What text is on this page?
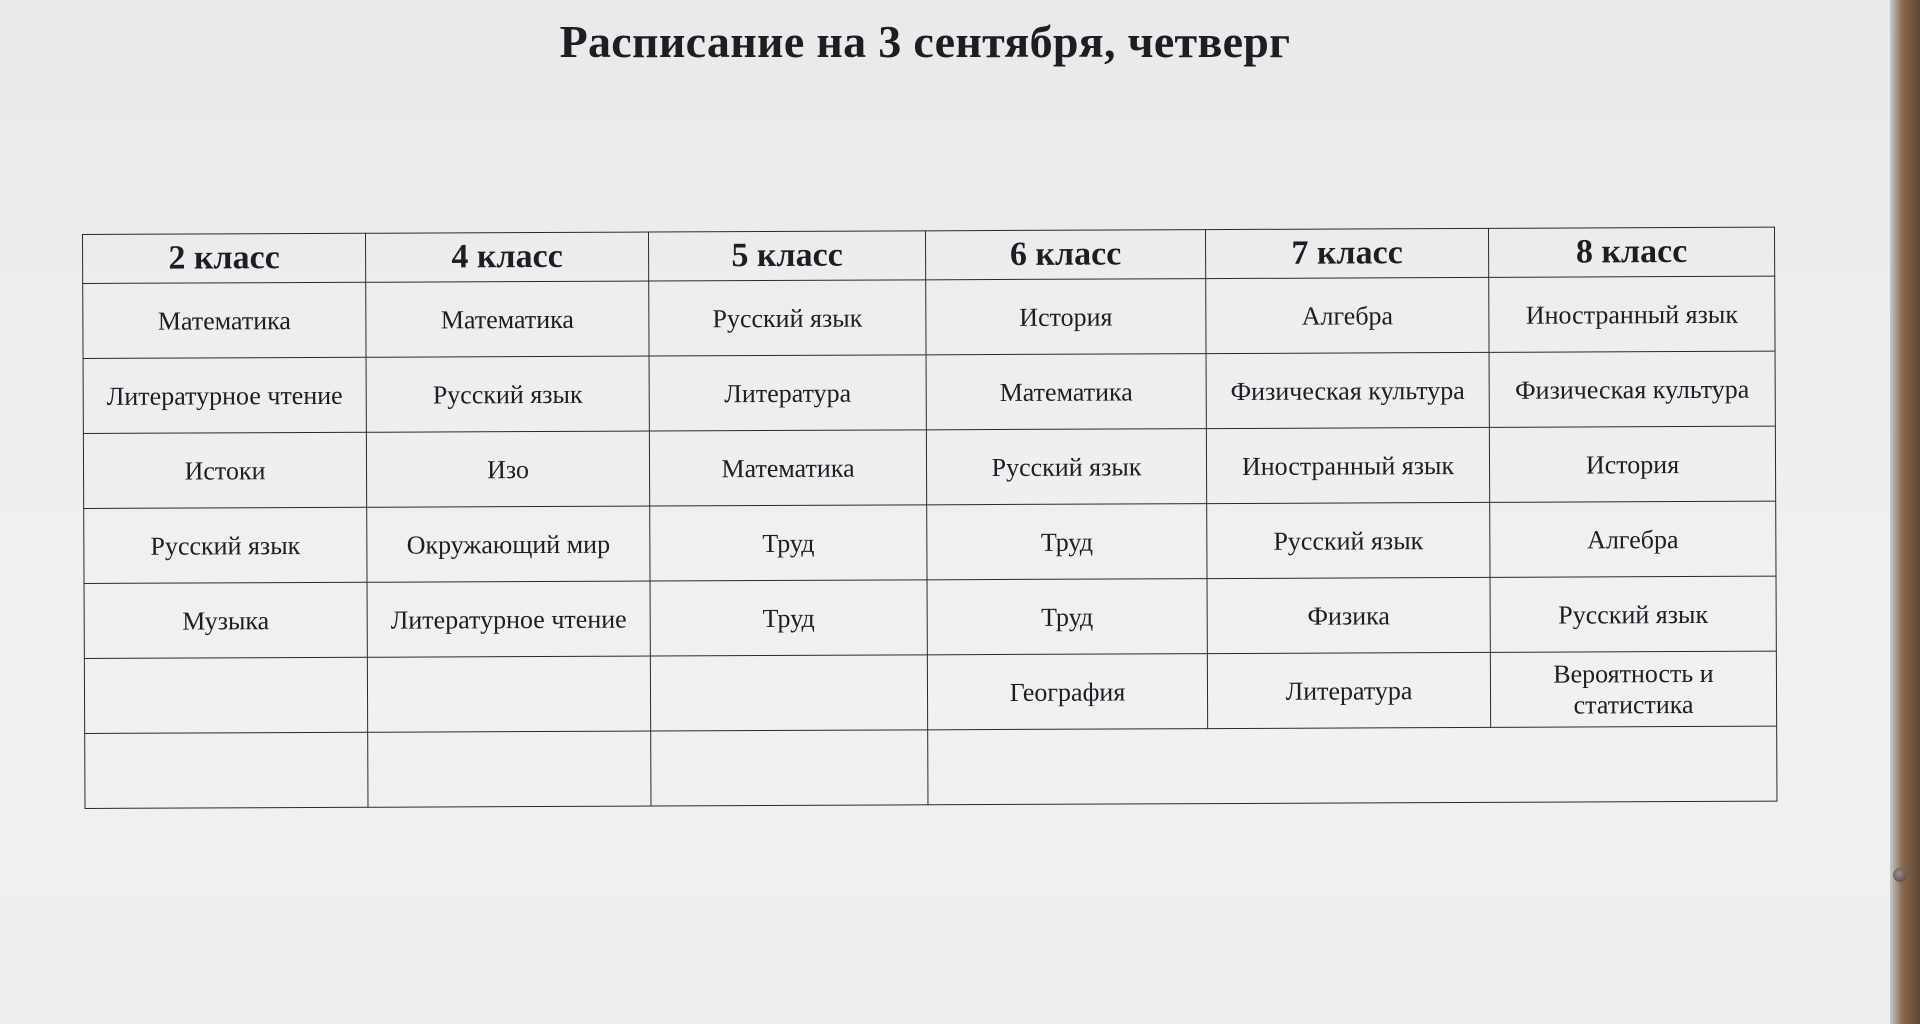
Расписание на 3 сентября, четверг
2 класс	4 класс	5 класс	6 класс	7 класс	8 класс
Математика	Математика	Русский язык	История	Алгебра	Иностранный язык
Литературное чтение	Русский язык	Литература	Математика	Физическая культура	Физическая культура
Истоки	Изо	Математика	Русский язык	Иностранный язык	История
Русский язык	Окружающий мир	Труд	Труд	Русский язык	Алгебра
Музыка	Литературное чтение	Труд	Труд	Физика	Русский язык
			География	Литература	Вероятность и статистика
